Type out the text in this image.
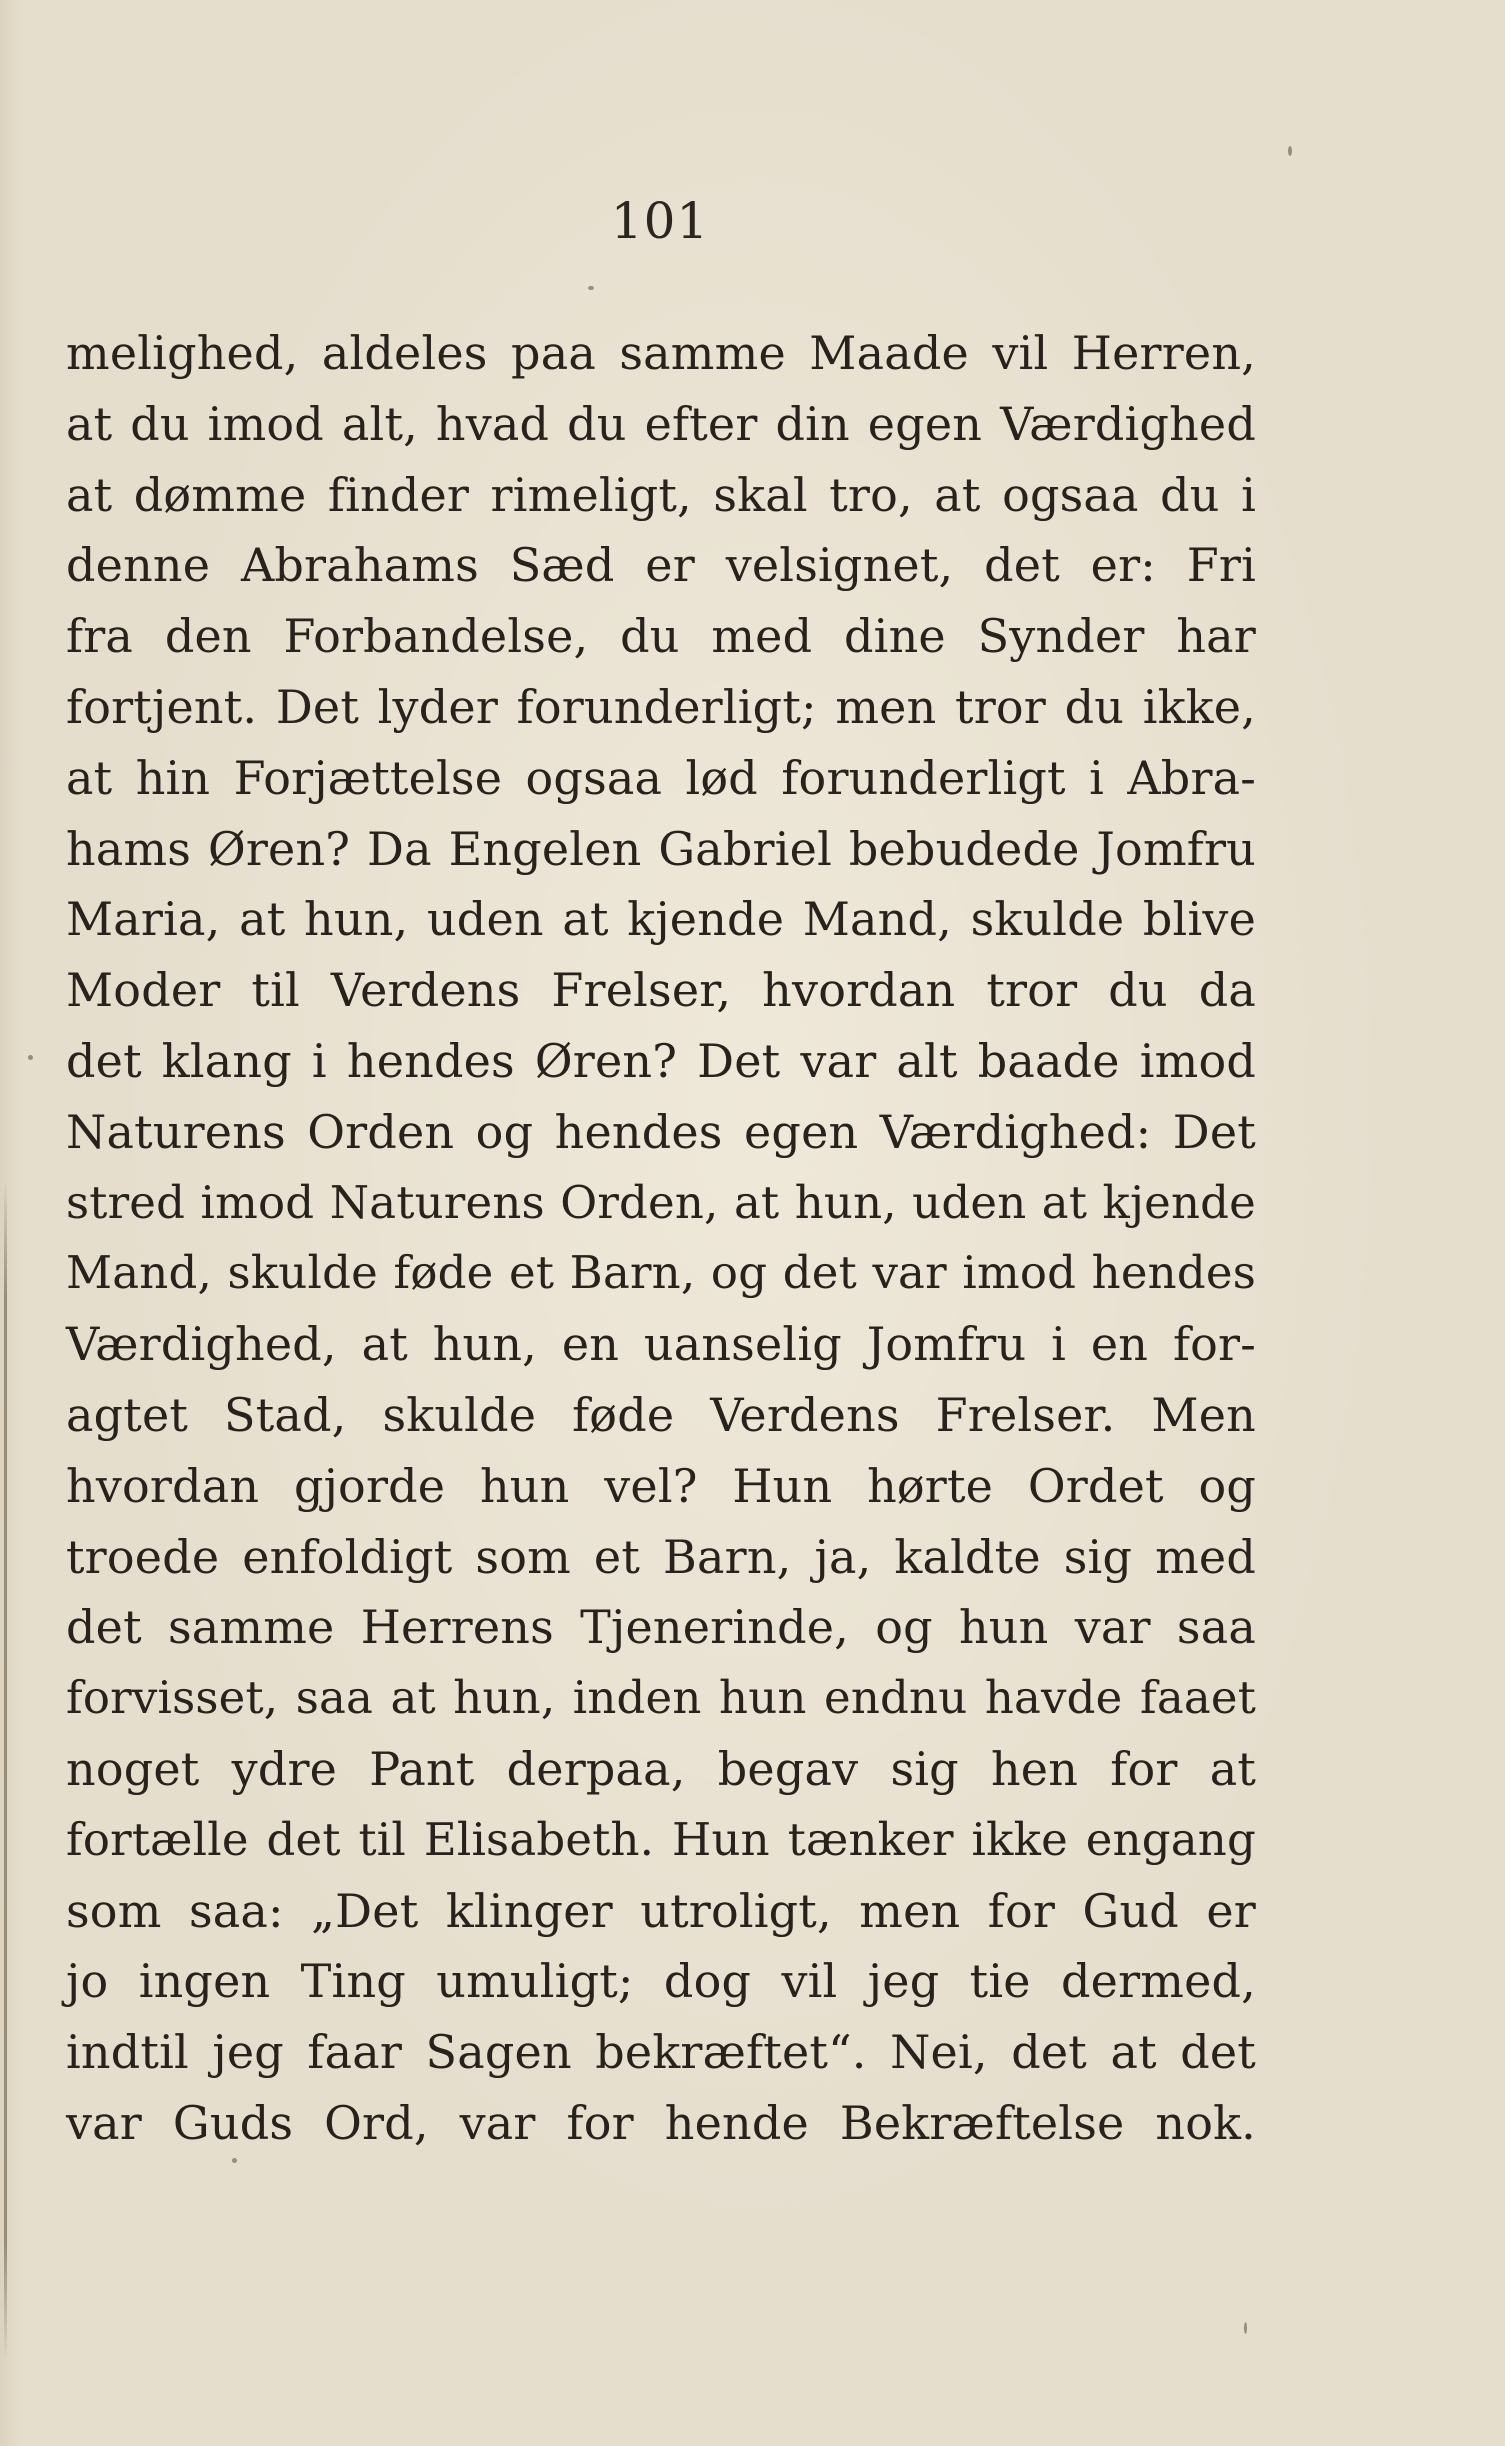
101
melighed, aldeles paa samme Maade vil Herren,
at du imod alt, hvad du efter din egen Værdighed
at dømme finder rimeligt, skal tro, at ogsaa du i
denne Abrahams Sæd er velsignet, det er: Fri
fra den Forbandelse, du med dine Synder har
fortjent. Det lyder forunderligt; men tror du ikke,
at hin Forjættelse ogsaa lød forunderligt i Abra-
hams Øren? Da Engelen Gabriel bebudede Jomfru
Maria, at hun, uden at kjende Mand, skulde blive
Moder til Verdens Frelser, hvordan tror du da
det klang i hendes Øren? Det var alt baade imod
Naturens Orden og hendes egen Værdighed: Det
stred imod Naturens Orden, at hun, uden at kjende
Mand, skulde føde et Barn, og det var imod hendes
Værdighed, at hun, en uanselig Jomfru i en for-
agtet Stad, skulde føde Verdens Frelser. Men
hvordan gjorde hun vel? Hun hørte Ordet og
troede enfoldigt som et Barn, ja, kaldte sig med
det samme Herrens Tjenerinde, og hun var saa
forvisset, saa at hun, inden hun endnu havde faaet
noget ydre Pant derpaa, begav sig hen for at
fortælle det til Elisabeth. Hun tænker ikke engang
som saa: „Det klinger utroligt, men for Gud er
jo ingen Ting umuligt; dog vil jeg tie dermed,
indtil jeg faar Sagen bekræftet“. Nei, det at det
var Guds Ord, var for hende Bekræftelse nok.
